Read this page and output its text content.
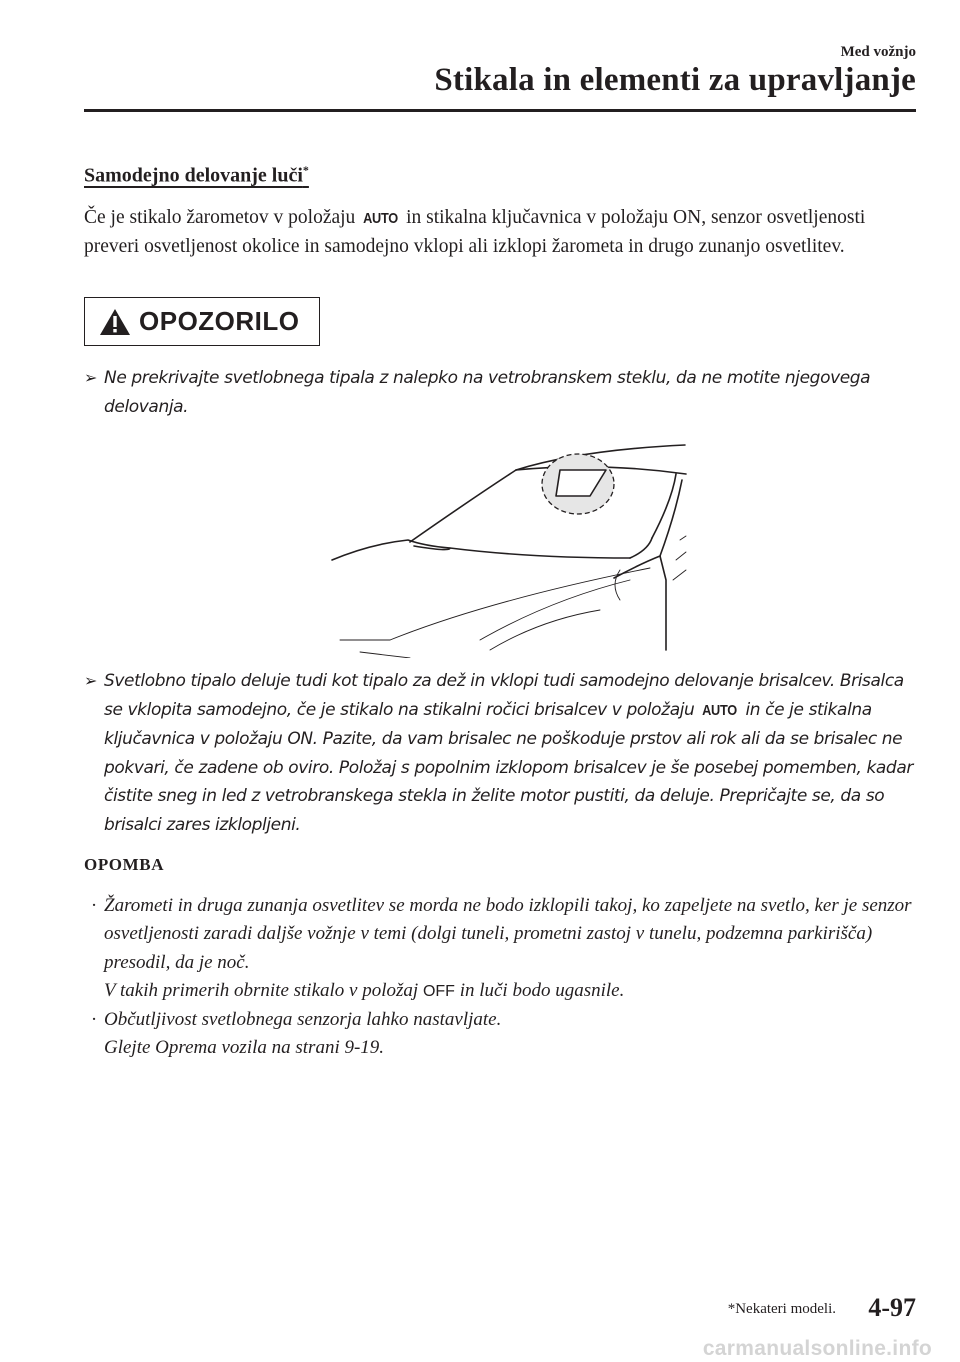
Med vožnjo
Stikala in elementi za upravljanje
Samodejno delovanje luči*
Če je stikalo žarometov v položaju AUTO in stikalna ključavnica v položaju ON, senzor osvetljenosti preveri osvetljenost okolice in samodejno vklopi ali izklopi žarometa in drugo zunanjo osvetlitev.
OPOZORILO
➢ Ne prekrivajte svetlobnega tipala z nalepko na vetrobranskem steklu, da ne motite njegovega delovanja.
➢ Svetlobno tipalo deluje tudi kot tipalo za dež in vklopi tudi samodejno delovanje brisalcev. Brisalca se vklopita samodejno, če je stikalo na stikalni ročici brisalcev v položaju AUTO in če je stikalna ključavnica v položaju ON. Pazite, da vam brisalec ne poškoduje prstov ali rok ali da se brisalec ne pokvari, če zadene ob oviro. Položaj s popolnim izklopom brisalcev je še posebej pomemben, kadar čistite sneg in led z vetrobranskega stekla in želite motor pustiti, da deluje. Prepričajte se, da so brisalci zares izklopljeni.
OPOMBA
· Žarometi in druga zunanja osvetlitev se morda ne bodo izklopili takoj, ko zapeljete na svetlo, ker je senzor osvetljenosti zaradi daljše vožnje v temi (dolgi tuneli, prometni zastoj v tunelu, podzemna parkirišča) presodil, da je noč.
V takih primerih obrnite stikalo v položaj OFF in luči bodo ugasnile.
· Občutljivost svetlobnega senzorja lahko nastavljate.
Glejte Oprema vozila na strani 9-19.
*Nekateri modeli. 4-97
carmanualsonline.info
